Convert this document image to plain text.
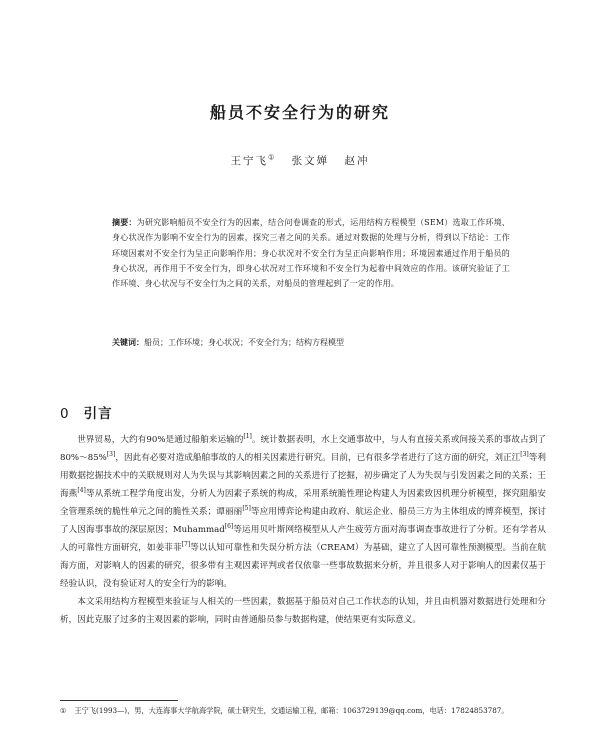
船员不安全行为的研究
王宁飞① 张文婵 赵冲
摘要：为研究影响船员不安全行为的因素，结合问卷调查的形式，运用结构方程模型（SEM）选取工作环境、身心状况作为影响不安全行为的因素，探究三者之间的关系。通过对数据的处理与分析，得到以下结论：工作环境因素对不安全行为呈正向影响作用；身心状况对不安全行为呈正向影响作用；环境因素通过作用于船员的身心状况，再作用于不安全行为，即身心状况对工作环境和不安全行为起着中间效应的作用。该研究验证了工作环境、身心状况与不安全行为之间的关系，对船员的管理起到了一定的作用。
关键词：船员；工作环境；身心状况；不安全行为；结构方程模型
0 引言

世界贸易，大约有90%是通过船舶来运输的[1]。统计数据表明，水上交通事故中，与人有直接关系或间接关系的事故占到了80%～85%[3]，因此有必要对造成船舶事故的人的相关因素进行研究。目前，已有很多学者进行了这方面的研究，刘正江[3]等利用数据挖掘技术中的关联规则对人为失误与其影响因素之间的关系进行了挖掘，初步确定了人为失误与引发因素之间的关系；王海燕[4]等从系统工程学角度出发，分析人为因素子系统的构成，采用系统脆性理论构建人为因素致因机理分析模型，探究阻船安全管理系统的脆性单元之间的脆性关系；谭丽丽[5]等应用博弈论构建由政府、航运企业、船员三方为主体组成的博弈模型，探讨了人因海事事故的深层原因；Muhammad[6]等运用贝叶斯网络模型从人产生疲劳方面对海事调查事故进行了分析。还有学者从人的可靠性方面研究，如姜菲菲[7]等以认知可靠性和失误分析方法（CREAM）为基础，建立了人因可靠性预测模型。当前在航海方面，对影响人的因素的研究，很多带有主观因素评判或者仅依靠一些事故数据来分析，并且很多人对于影响人的因素仅基于经验认识，没有验证对人的安全行为的影响。

本文采用结构方程模型来验证与人相关的一些因素，数据基于船员对自己工作状态的认知，并且由机器对数据进行处理和分析，因此克服了过多的主观因素的影响，同时由普通船员参与数据构建，使结果更有实际意义。

① 王宁飞(1993—)，男，大连海事大学航海学院，硕士研究生，交通运输工程，邮箱：1063729139@qq.com，电话：17824853787。
